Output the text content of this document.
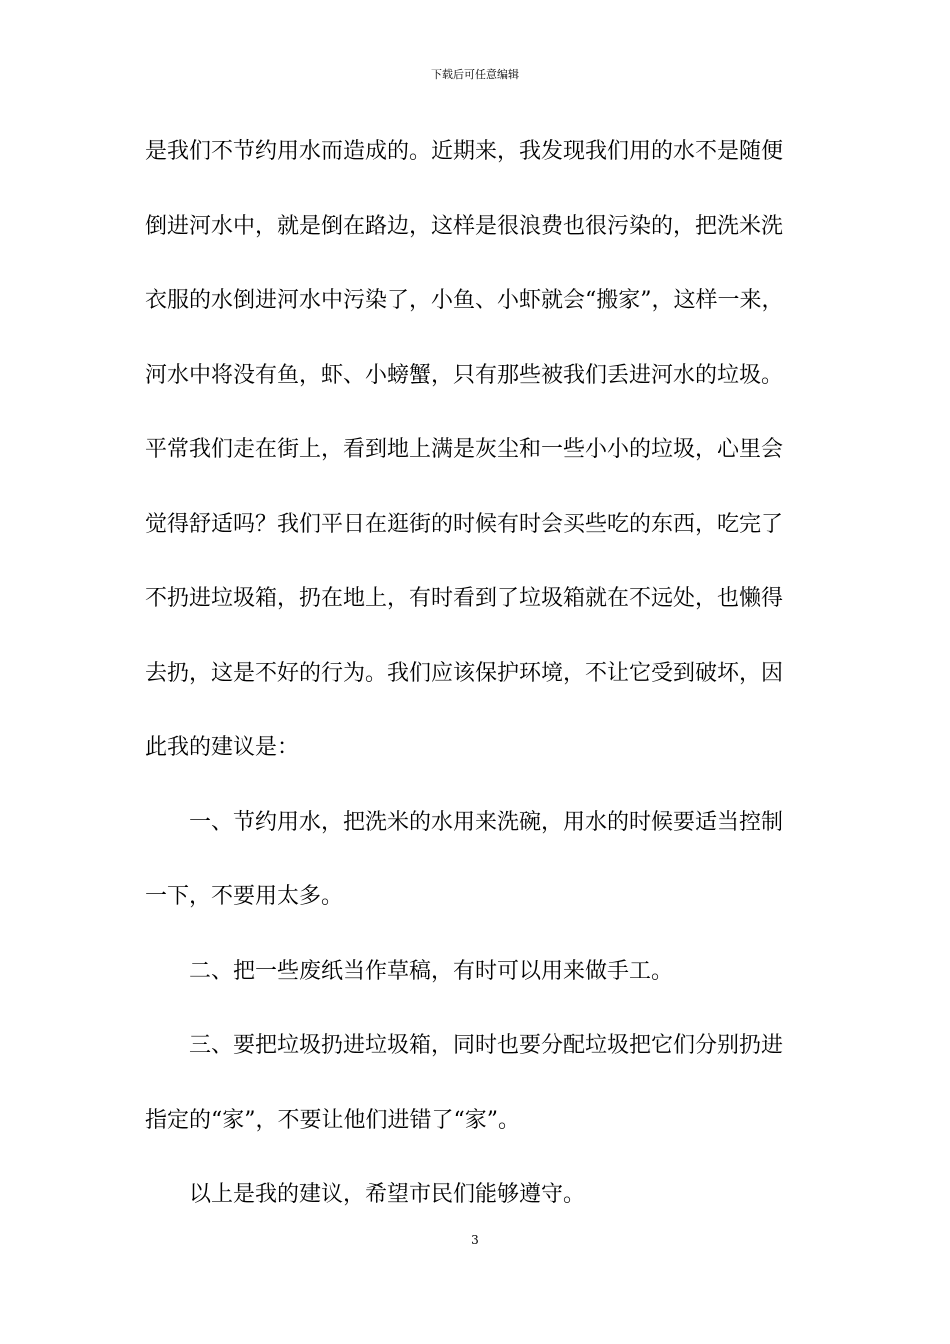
下载后可任意编辑
是我们不节约用水而造成的。近期来，我发现我们用的水不是随便
倒进河水中，就是倒在路边，这样是很浪费也很污染的，把洗米洗
衣服的水倒进河水中污染了，小鱼、小虾就会“搬家”，这样一来，
河水中将没有鱼，虾、小螃蟹，只有那些被我们丢进河水的垃圾。
平常我们走在街上，看到地上满是灰尘和一些小小的垃圾，心里会
觉得舒适吗？我们平日在逛街的时候有时会买些吃的东西，吃完了
不扔进垃圾箱，扔在地上，有时看到了垃圾箱就在不远处，也懒得
去扔，这是不好的行为。我们应该保护环境，不让它受到破坏，因
此我的建议是：
一、节约用水，把洗米的水用来洗碗，用水的时候要适当控制
一下，不要用太多。
二、把一些废纸当作草稿，有时可以用来做手工。
三、要把垃圾扔进垃圾箱，同时也要分配垃圾把它们分别扔进
指定的“家”，不要让他们进错了“家”。
以上是我的建议，希望市民们能够遵守。
3
